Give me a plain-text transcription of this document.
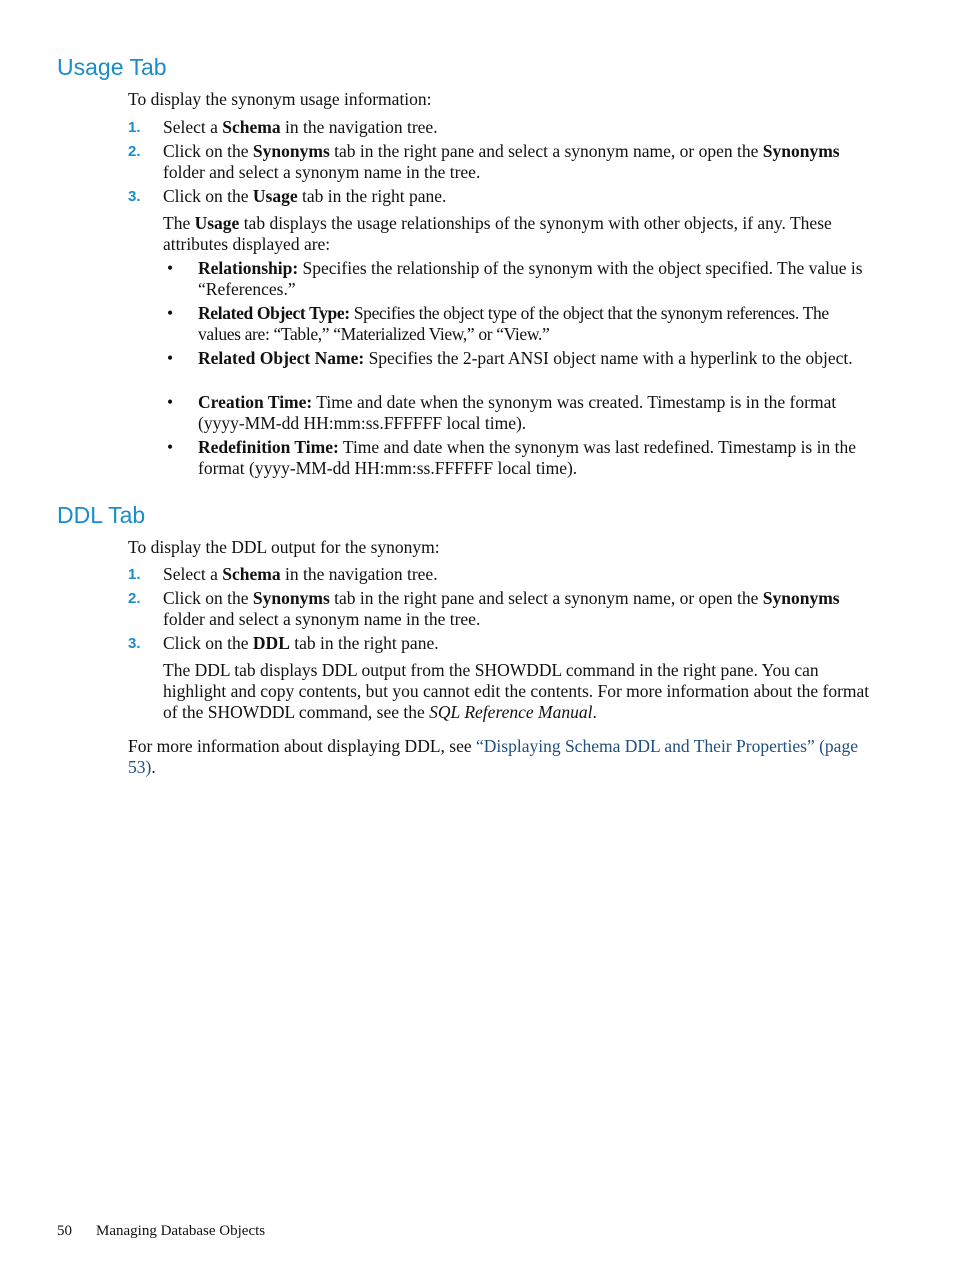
Usage Tab

To display the synonym usage information:

1. Select a Schema in the navigation tree.
2. Click on the Synonyms tab in the right pane and select a synonym name, or open the Synonyms folder and select a synonym name in the tree.
3. Click on the Usage tab in the right pane.

The Usage tab displays the usage relationships of the synonym with other objects, if any. These attributes displayed are:

• Relationship: Specifies the relationship of the synonym with the object specified. The value is “References.”
• Related Object Type: Specifies the object type of the object that the synonym references. The values are: “Table,” “Materialized View,” or “View.”
• Related Object Name: Specifies the 2-part ANSI object name with a hyperlink to the object.
• Creation Time: Time and date when the synonym was created. Timestamp is in the format (yyyy-MM-dd HH:mm:ss.FFFFFF local time).
• Redefinition Time: Time and date when the synonym was last redefined. Timestamp is in the format (yyyy-MM-dd HH:mm:ss.FFFFFF local time).
DDL Tab

To display the DDL output for the synonym:

1. Select a Schema in the navigation tree.
2. Click on the Synonyms tab in the right pane and select a synonym name, or open the Synonyms folder and select a synonym name in the tree.
3. Click on the DDL tab in the right pane.

The DDL tab displays DDL output from the SHOWDDL command in the right pane. You can highlight and copy contents, but you cannot edit the contents. For more information about the format of the SHOWDDL command, see the SQL Reference Manual.

For more information about displaying DDL, see “Displaying Schema DDL and Their Properties” (page 53).

50 Managing Database Objects
